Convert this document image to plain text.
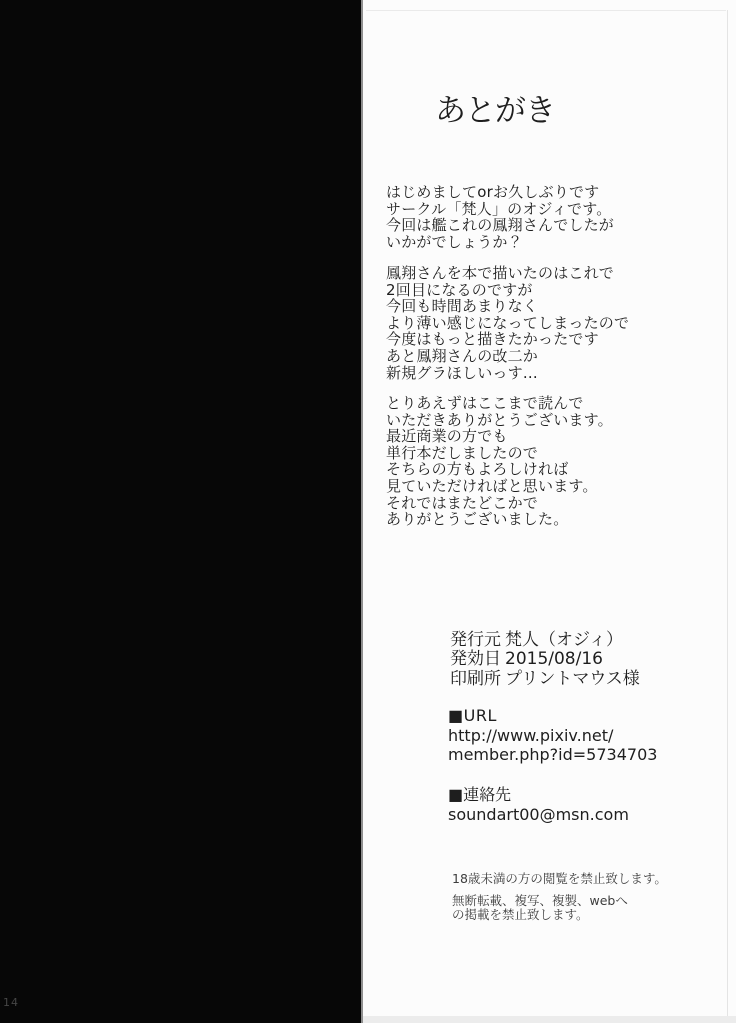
14
あとがき
はじめましてorお久しぶりです
サークル「梵人」のオジィです。
今回は艦これの鳳翔さんでしたが
いかがでしょうか？
鳳翔さんを本で描いたのはこれで
2回目になるのですが
今回も時間あまりなく
より薄い感じになってしまったので
今度はもっと描きたかったです
あと鳳翔さんの改二か
新規グラほしいっす…
とりあえずはここまで読んで
いただきありがとうございます。
最近商業の方でも
単行本だしましたので
そちらの方もよろしければ
見ていただければと思います。
それではまたどこかで
ありがとうございました。
発行元 梵人（オジィ）
発効日 2015/08/16
印刷所 プリントマウス様
■URL
http://www.pixiv.net/
member.php?id=5734703
■連絡先
soundart00@msn.com
18歳未満の方の閲覧を禁止致します。
無断転載、複写、複製、webへ
の掲載を禁止致します。
